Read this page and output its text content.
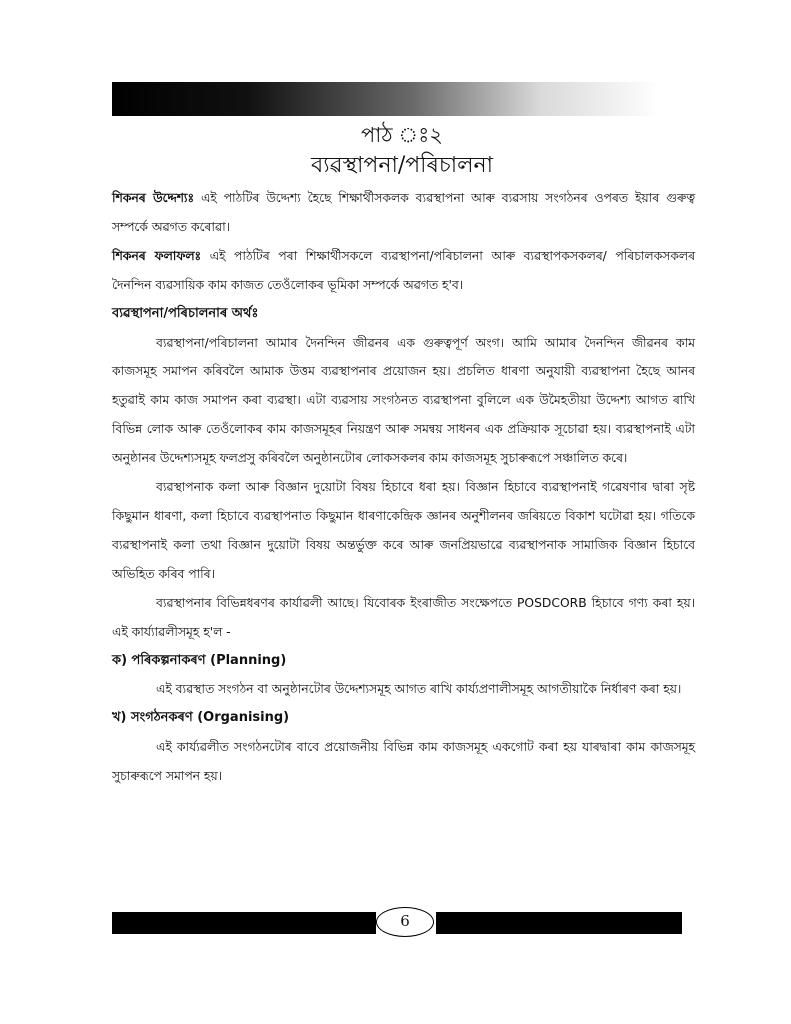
পাঠ ঃ২
ব্যৱস্থাপনা/পৰিচালনা

শিকনৰ উদ্দেশ্যঃ এই পাঠটিৰ উদ্দেশ্য হৈছে শিক্ষাৰ্থীসকলক ব্যৱস্থাপনা আৰু ব্যৱসায় সংগঠনৰ ওপৰত ইয়াৰ গুৰুত্ব সম্পৰ্কে অৱগত কৰোৱা।

শিকনৰ ফলাফলঃ এই পাঠটিৰ পৰা শিক্ষাৰ্থীসকলে ব্যৱস্থাপনা/পৰিচালনা আৰু ব্যৱস্থাপকসকলৰ/ পৰিচালকসকলৰ দৈনন্দিন ব্যৱসায়িক কাম কাজত তেওঁলোকৰ ভূমিকা সম্পৰ্কে অৱগত হ'ব।

ব্যৱস্থাপনা/পৰিচালনাৰ অৰ্থঃ

ব্যৱস্থাপনা/পৰিচালনা আমাৰ দৈনন্দিন জীৱনৰ এক গুৰুত্বপূৰ্ণ অংগ। আমি আমাৰ দৈনন্দিন জীৱনৰ কাম কাজসমূহ সমাপন কৰিবলৈ আমাক উত্তম ব্যৱস্থাপনাৰ প্ৰয়োজন হয়। প্ৰচলিত ধাৰণা অনুযায়ী ব্যৱস্থাপনা হৈছে আনৰ হতুৱাই কাম কাজ সমাপন কৰা ব্যৱস্থা। এটা ব্যৱসায় সংগঠনত ব্যৱস্থাপনা বুলিলে এক উমৈহতীয়া উদ্দেশ্য আগত ৰাখি বিভিন্ন লোক আৰু তেওঁলোকৰ কাম কাজসমূহৰ নিয়ন্ত্ৰণ আৰু সমন্বয় সাধনৰ এক প্ৰক্ৰিয়াক সূচোৱা হয়। ব্যৱস্থাপনাই এটা অনুষ্ঠানৰ উদ্দেশ্যসমূহ ফলপ্ৰসু কৰিবলৈ অনুষ্ঠানটোৰ লোকসকলৰ কাম কাজসমূহ সুচাৰুৰূপে সঞ্চালিত কৰে।

ব্যৱস্থাপনাক কলা আৰু বিজ্ঞান দুয়োটা বিষয় হিচাবে ধৰা হয়। বিজ্ঞান হিচাবে ব্যৱস্থাপনাই গৱেষণাৰ দ্বাৰা সৃষ্ট কিছুমান ধাৰণা, কলা হিচাবে ব্যৱস্থাপনাত কিছুমান ধাৰণাকেন্দ্ৰিক জ্ঞানৰ অনুশীলনৰ জৰিয়তে বিকাশ ঘটোৱা হয়। গতিকে ব্যৱস্থাপনাই কলা তথা বিজ্ঞান দুয়োটা বিষয় অন্তৰ্ভুক্ত কৰে আৰু জনপ্ৰিয়ভাৱে ব্যৱস্থাপনাক সামাজিক বিজ্ঞান হিচাবে অভিহিত কৰিব পাৰি।

ব্যৱস্থাপনাৰ বিভিন্নধৰণৰ কাৰ্যাৱলী আছে। যিবোৰক ইংৰাজীত সংক্ষেপতে POSDCORB হিচাবে গণ্য কৰা হয়। এই কাৰ্য্যাৱলীসমূহ হ'ল -

ক) পৰিকল্পনাকৰণ (Planning)

এই ব্যৱস্থাত সংগঠন বা অনুষ্ঠানটোৰ উদ্দেশ্যসমূহ আগত ৰাখি কাৰ্য্যপ্ৰণালীসমূহ আগতীয়াকৈ নিৰ্ধাৰণ কৰা হয়।

খ) সংগঠনকৰণ (Organising)

এই কাৰ্য্যৱলীত সংগঠনটোৰ বাবে প্ৰয়োজনীয় বিভিন্ন কাম কাজসমূহ একগোট কৰা হয় যাৰদ্বাৰা কাম কাজসমূহ সুচাৰুৰূপে সমাপন হয়।

6
